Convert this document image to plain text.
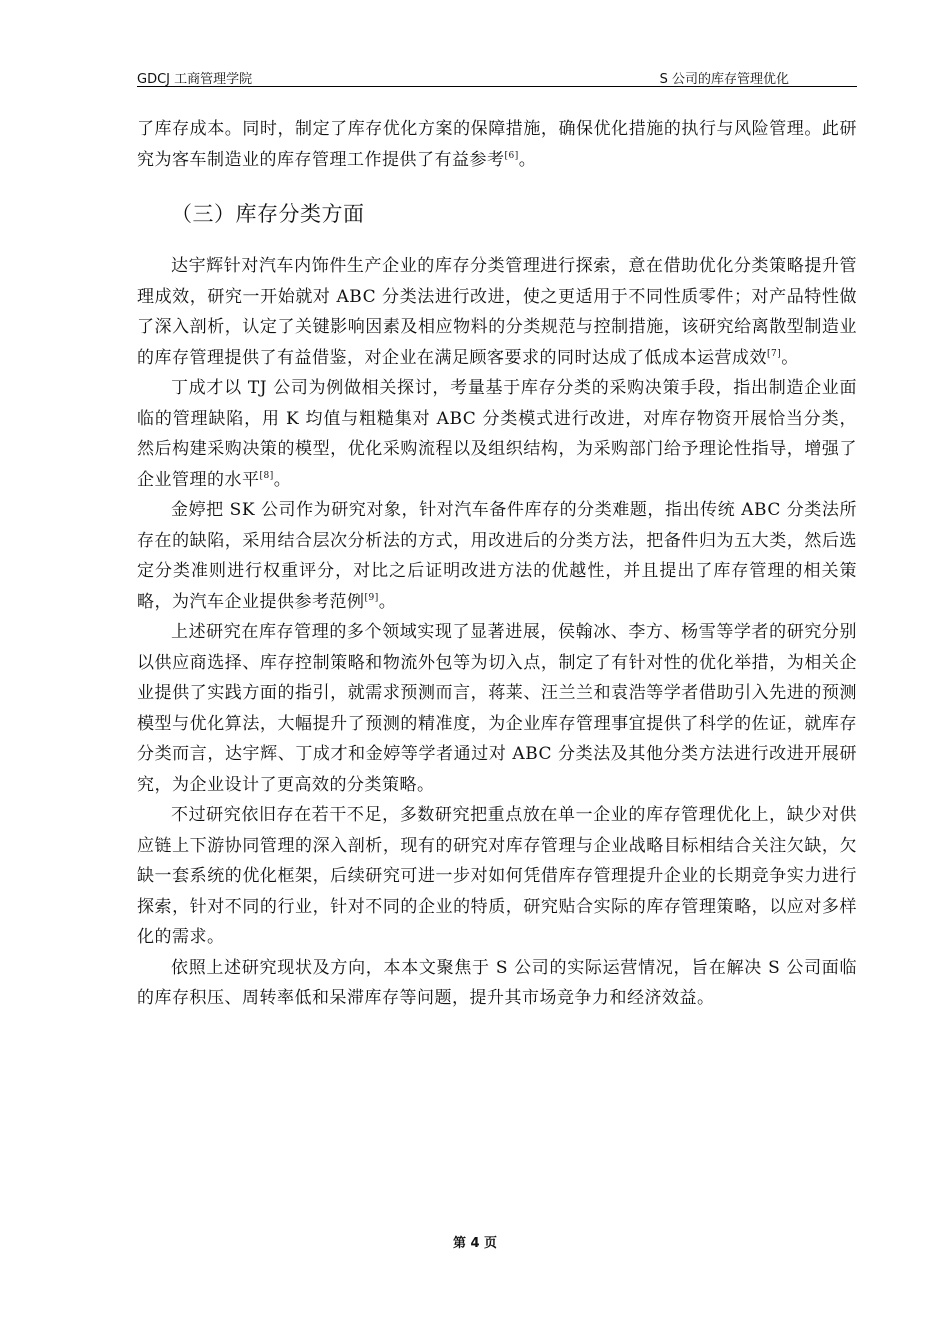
GDCJ 工商管理学院	S 公司的库存管理优化

了库存成本。同时，制定了库存优化方案的保障措施，确保优化措施的执行与风险管理。此研究为客车制造业的库存管理工作提供了有益参考[6]。

（三）库存分类方面

达宇辉针对汽车内饰件生产企业的库存分类管理进行探索，意在借助优化分类策略提升管理成效，研究一开始就对 ABC 分类法进行改进，使之更适用于不同性质零件；对产品特性做了深入剖析，认定了关键影响因素及相应物料的分类规范与控制措施，该研究给离散型制造业的库存管理提供了有益借鉴，对企业在满足顾客要求的同时达成了低成本运营成效[7]。

丁成才以 TJ 公司为例做相关探讨，考量基于库存分类的采购决策手段，指出制造企业面临的管理缺陷，用 K 均值与粗糙集对 ABC 分类模式进行改进，对库存物资开展恰当分类，然后构建采购决策的模型，优化采购流程以及组织结构，为采购部门给予理论性指导，增强了企业管理的水平[8]。

金婷把 SK 公司作为研究对象，针对汽车备件库存的分类难题，指出传统 ABC 分类法所存在的缺陷，采用结合层次分析法的方式，用改进后的分类方法，把备件归为五大类，然后选定分类准则进行权重评分，对比之后证明改进方法的优越性，并且提出了库存管理的相关策略，为汽车企业提供参考范例[9]。

上述研究在库存管理的多个领域实现了显著进展，侯翰冰、李方、杨雪等学者的研究分别以供应商选择、库存控制策略和物流外包等为切入点，制定了有针对性的优化举措，为相关企业提供了实践方面的指引，就需求预测而言，蒋莱、汪兰兰和袁浩等学者借助引入先进的预测模型与优化算法，大幅提升了预测的精准度，为企业库存管理事宜提供了科学的佐证，就库存分类而言，达宇辉、丁成才和金婷等学者通过对 ABC 分类法及其他分类方法进行改进开展研究，为企业设计了更高效的分类策略。

不过研究依旧存在若干不足，多数研究把重点放在单一企业的库存管理优化上，缺少对供应链上下游协同管理的深入剖析，现有的研究对库存管理与企业战略目标相结合关注欠缺，欠缺一套系统的优化框架，后续研究可进一步对如何凭借库存管理提升企业的长期竞争实力进行探索，针对不同的行业，针对不同的企业的特质，研究贴合实际的库存管理策略，以应对多样化的需求。

依照上述研究现状及方向，本本文聚焦于 S 公司的实际运营情况，旨在解决 S 公司面临的库存积压、周转率低和呆滞库存等问题，提升其市场竞争力和经济效益。

第 4 页
